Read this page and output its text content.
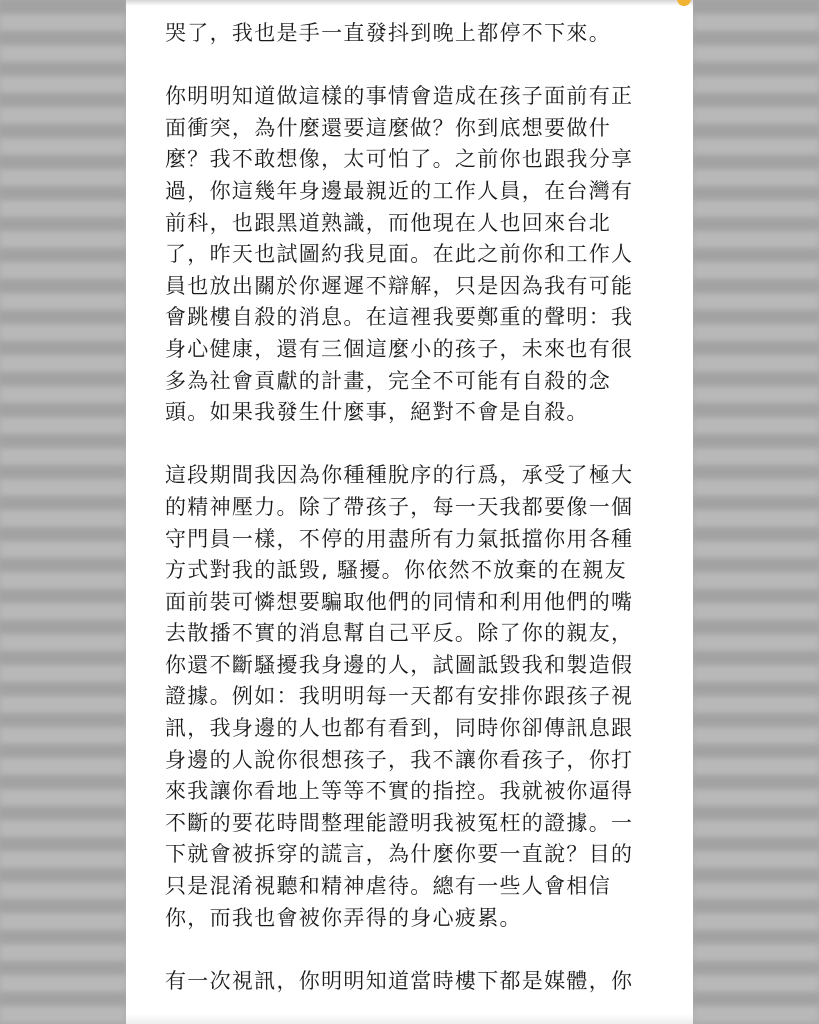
哭了，我也是手一直發抖到晚上都停不下來。
你明明知道做這樣的事情會造成在孩子面前有正
面衝突，為什麼還要這麼做？你到底想要做什
麼？我不敢想像，太可怕了。之前你也跟我分享
過，你這幾年身邊最親近的工作人員，在台灣有
前科，也跟黑道熟識，而他現在人也回來台北
了，昨天也試圖約我見面。在此之前你和工作人
員也放出關於你遲遲不辯解，只是因為我有可能
會跳樓自殺的消息。在這裡我要鄭重的聲明：我
身心健康，還有三個這麼小的孩子，未來也有很
多為社會貢獻的計畫，完全不可能有自殺的念
頭。如果我發生什麼事，絕對不會是自殺。
這段期間我因為你種種脫序的行爲，承受了極大
的精神壓力。除了帶孩子，每一天我都要像一個
守門員一樣，不停的用盡所有力氣抵擋你用各種
方式對我的詆毀, 騷擾。你依然不放棄的在親友
面前裝可憐想要騙取他們的同情和利用他們的嘴
去散播不實的消息幫自己平反。除了你的親友，
你還不斷騷擾我身邊的人，試圖詆毀我和製造假
證據。例如：我明明每一天都有安排你跟孩子視
訊，我身邊的人也都有看到，同時你卻傳訊息跟
身邊的人說你很想孩子，我不讓你看孩子，你打
來我讓你看地上等等不實的指控。我就被你逼得
不斷的要花時間整理能證明我被冤枉的證據。一
下就會被拆穿的謊言，為什麼你要一直說？目的
只是混淆視聽和精神虐待。總有一些人會相信
你，而我也會被你弄得的身心疲累。
有一次視訊，你明明知道當時樓下都是媒體，你
